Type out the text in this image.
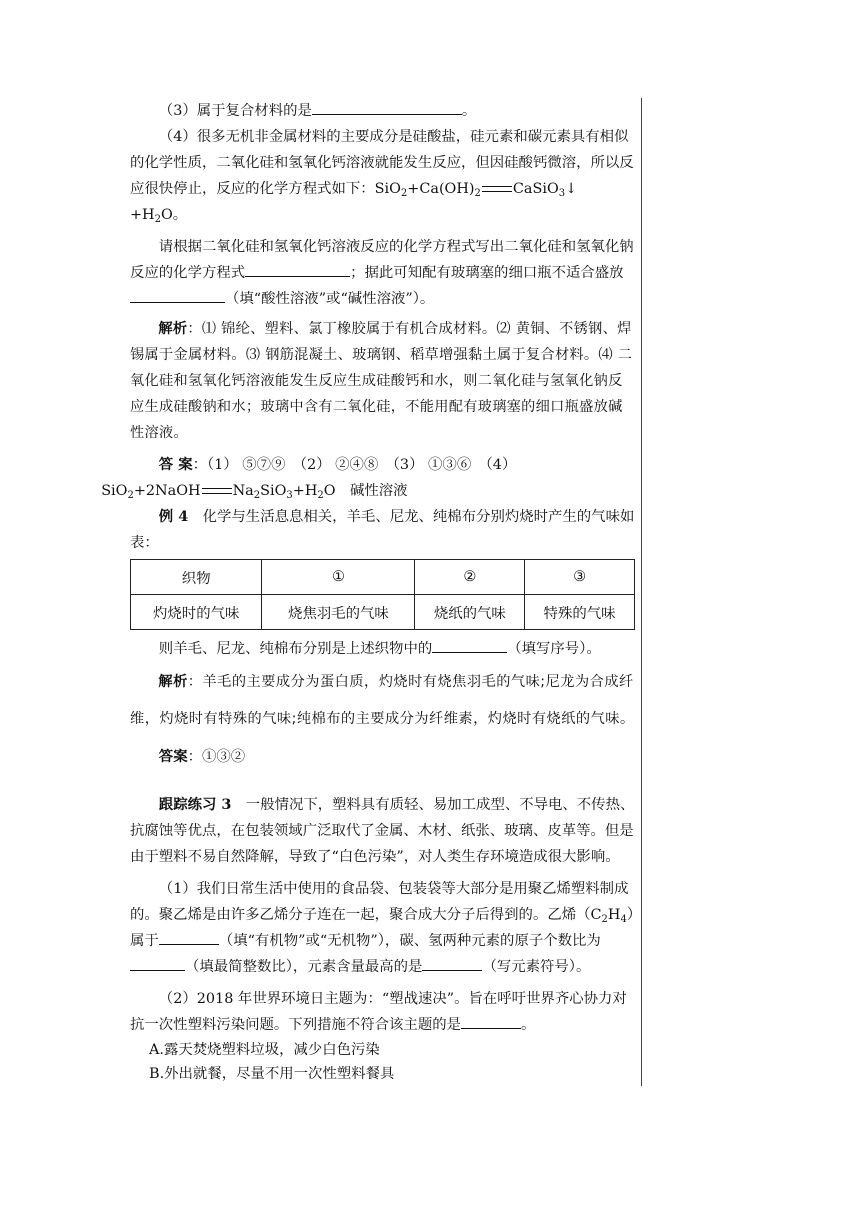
（3）属于复合材料的是	。

（4）很多无机非金属材料的主要成分是硅酸盐，硅元素和碳元素具有相似的化学性质，二氧化硅和氢氧化钙溶液就能发生反应，但因硅酸钙微溶，所以反应很快停止，反应的化学方程式如下：$SiO_2+Ca(OH)_2$ CaSiO$_3$↓
$+H_2O$。

请根据二氧化硅和氢氧化钙溶液反应的化学方程式写出二氧化硅和氢氧化钠反应的化学方程式	；据此可知配有玻璃塞的细口瓶不适合盛放（填“酸性溶液”或“碱性溶液”）。

解析：⑴ 锦纶、塑料、氯丁橡胶属于有机合成材料。⑵ 黄铜、不锈钢、焊锡属于金属材料。⑶ 钢筋混凝土、玻璃钢、稻草增强黏土属于复合材料。⑷ 二氧化硅和氢氧化钙溶液能发生反应生成硅酸钙和水，则二氧化硅与氢氧化钠反应生成硅酸钠和水；玻璃中含有二氧化硅，不能用配有玻璃塞的细口瓶盛放碱性溶液。

答 案：（1） ⑤⑦⑨　（2） ②④⑧　（3） ①③⑥　（4）
SiO$_2$+2NaOH $Na_2SiO_3+H_2O$　 碱性溶液

例 4　 化学与生活息息相关，羊毛、尼龙、纯棉布分别灼烧时产生的气味如表：

织物	①	②	③
灼烧时的气味	烧焦羽毛的气味	烧纸的气味	特殊的气味

则羊毛、尼龙、纯棉布分别是上述织物中的	（填写序号）。

解析：羊毛的主要成分为蛋白质，灼烧时有烧焦羽毛的气味;尼龙为合成纤维，灼烧时有特殊的气味;纯棉布的主要成分为纤维素，灼烧时有烧纸的气味。

答案：①③②

跟踪练习 3　 一般情况下，塑料具有质轻、易加工成型、不导电、不传热、抗腐蚀等优点，在包装领域广泛取代了金属、木材、纸张、玻璃、皮革等。但是由于塑料不易自然降解，导致了“白色污染”，对人类生存环境造成很大影响。

（1）我们日常生活中使用的食品袋、包装袋等大部分是用聚乙烯塑料制成的。聚乙烯是由许多乙烯分子连在一起，聚合成大分子后得到的。乙烯$(C_2H_4)$属于	（填“有机物”或“无机物”），碳、氢两种元素的原子个数比为（填最简整数比），元素含量最高的是	（写元素符号）。

（2）2018 年世界环境日主题为：“塑战速决”。旨在呼吁世界齐心协力对抗一次性塑料污染问题。下列措施不符合该主题的是	。

A.露天焚烧塑料垃圾，减少白色污染

B.外出就餐，尽量不用一次性塑料餐具
